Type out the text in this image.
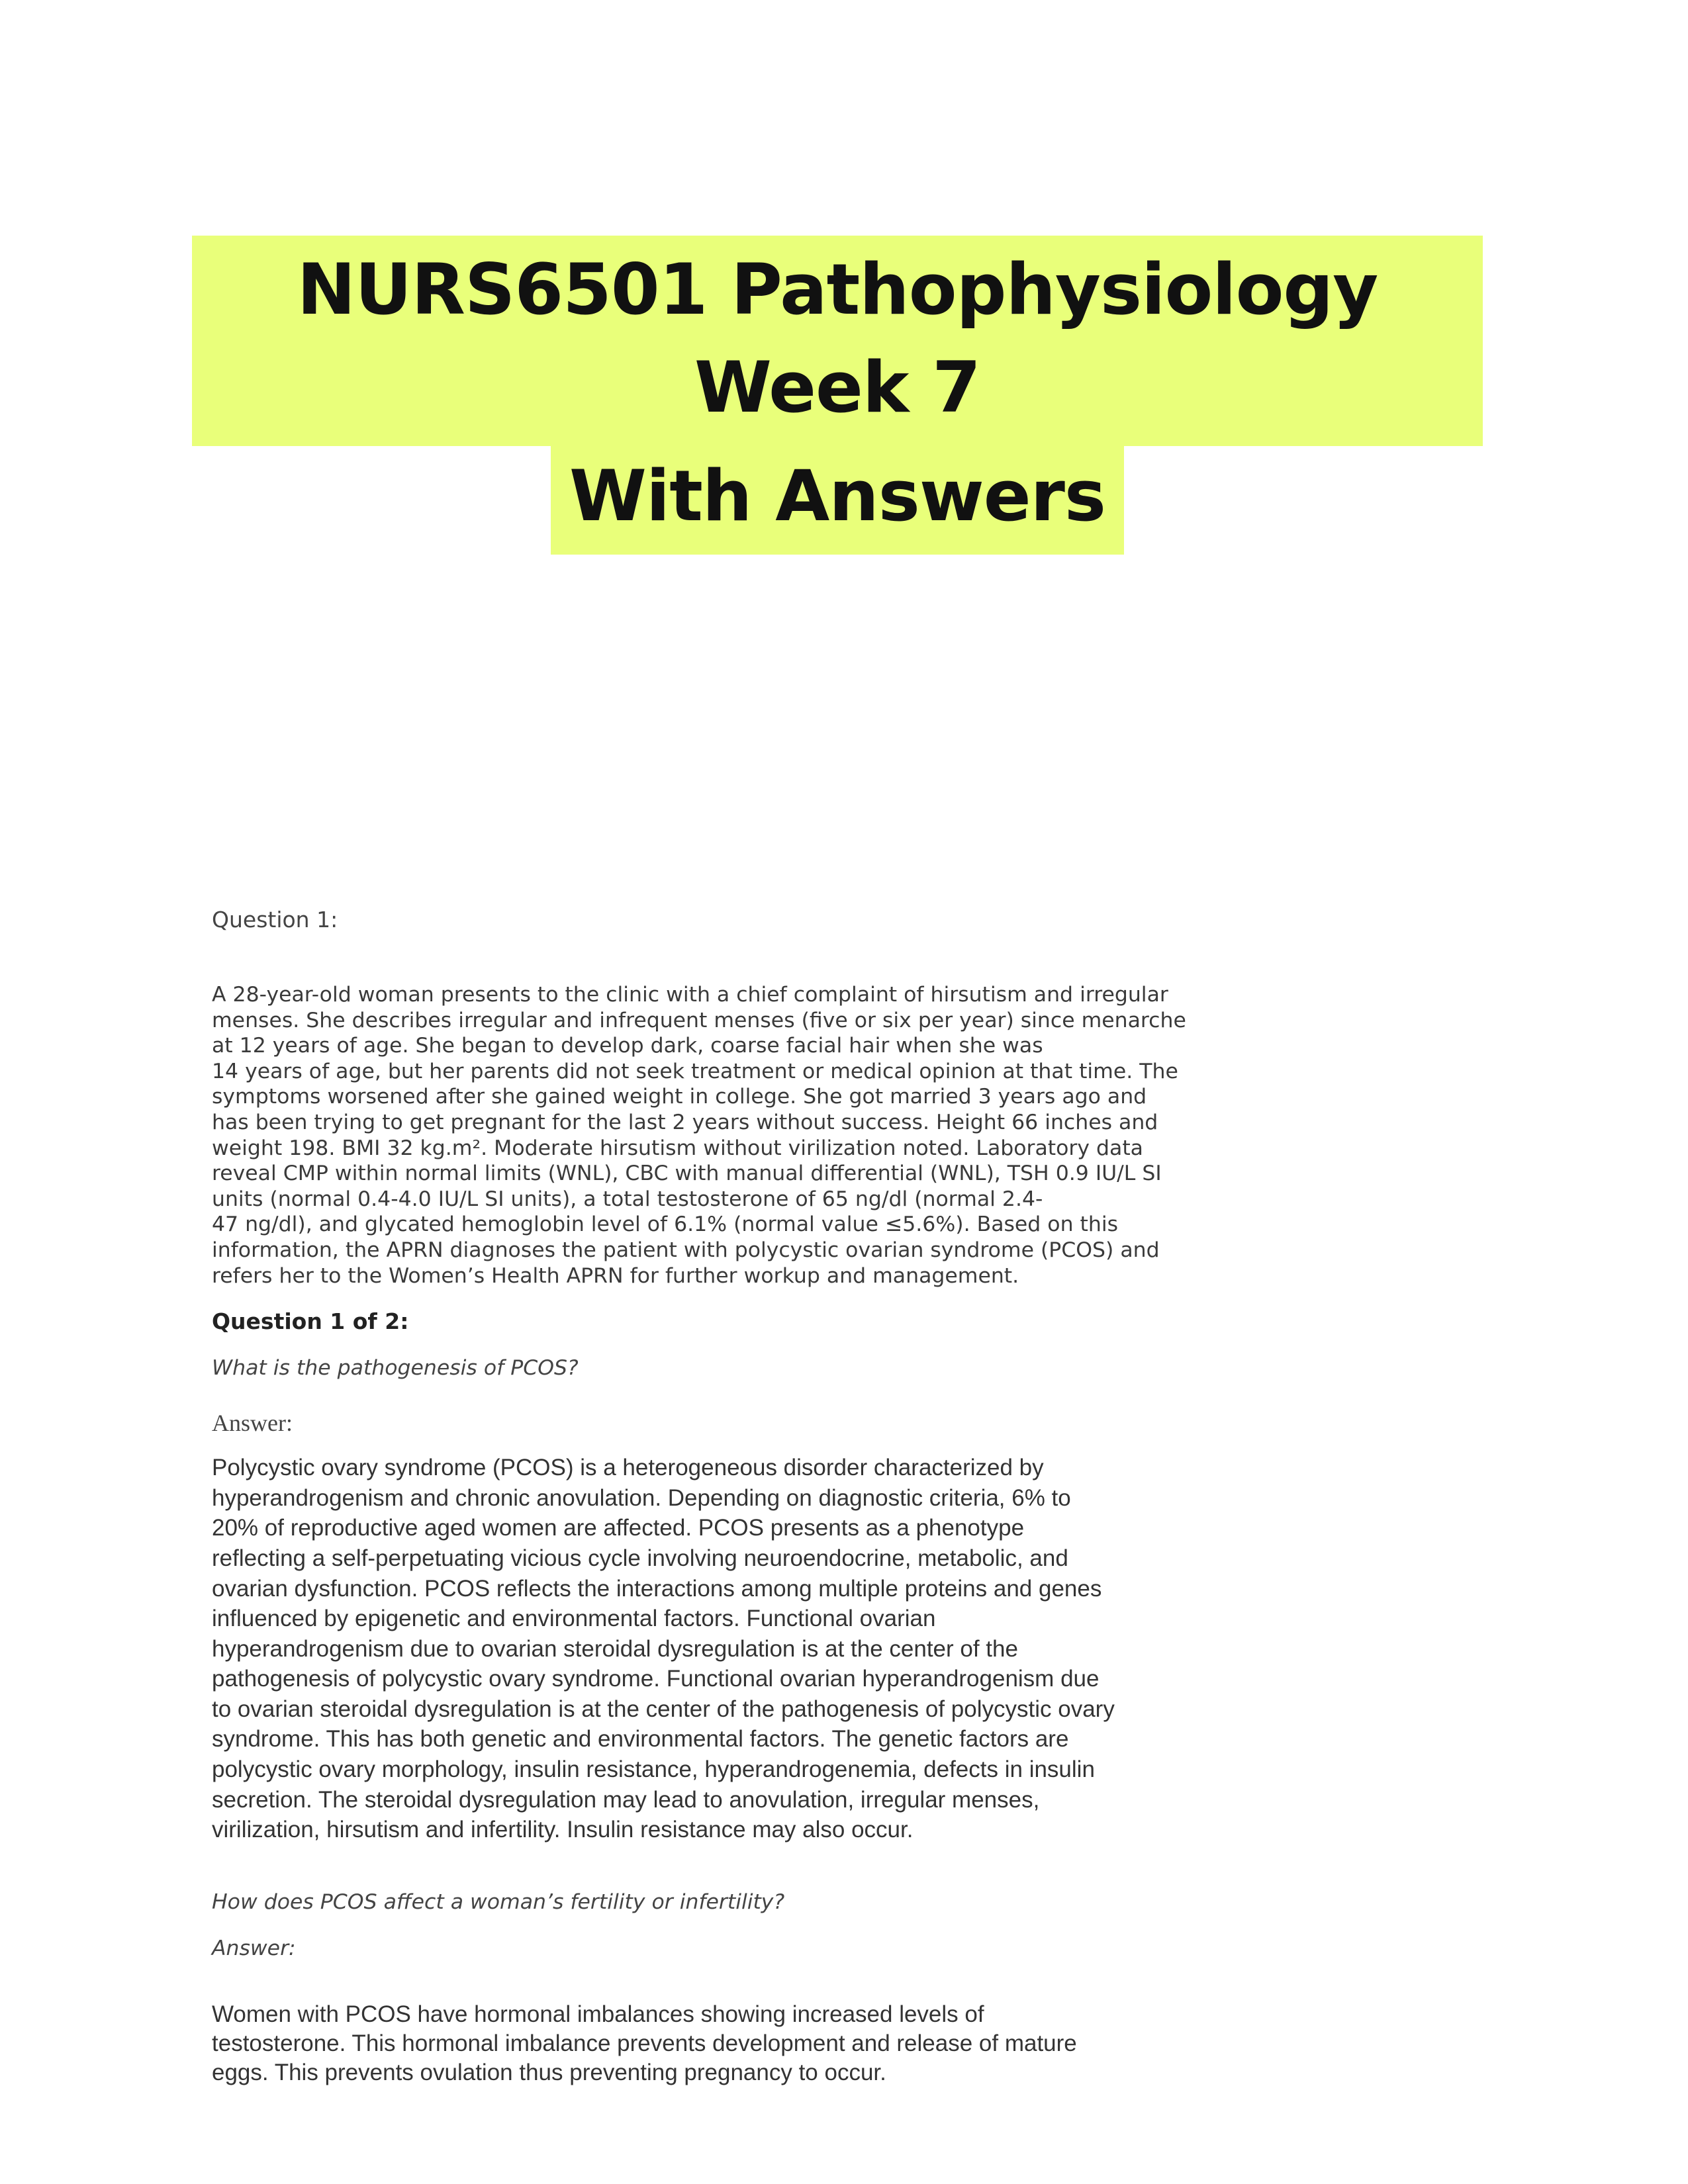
NURS6501 Pathophysiology Week 7
With Answers

Question 1:

A 28-year-old woman presents to the clinic with a chief complaint of hirsutism and irregular
menses. She describes irregular and infrequent menses (five or six per year) since menarche
at 12 years of age. She began to develop dark, coarse facial hair when she was
14 years of age, but her parents did not seek treatment or medical opinion at that time. The
symptoms worsened after she gained weight in college. She got married 3 years ago and
has been trying to get pregnant for the last 2 years without success. Height 66 inches and
weight 198. BMI 32 kg.m². Moderate hirsutism without virilization noted. Laboratory data
reveal CMP within normal limits (WNL), CBC with manual differential (WNL), TSH 0.9 IU/L SI
units (normal 0.4-4.0 IU/L SI units), a total testosterone of 65 ng/dl (normal 2.4-
47 ng/dl), and glycated hemoglobin level of 6.1% (normal value ≤5.6%). Based on this
information, the APRN diagnoses the patient with polycystic ovarian syndrome (PCOS) and
refers her to the Women’s Health APRN for further workup and management.
Question 1 of 2:
What is the pathogenesis of PCOS?
Answer:
Polycystic ovary syndrome (PCOS) is a heterogeneous disorder characterized by
hyperandrogenism and chronic anovulation. Depending on diagnostic criteria, 6% to
20% of reproductive aged women are affected. PCOS presents as a phenotype
reflecting a self-perpetuating vicious cycle involving neuroendocrine, metabolic, and
ovarian dysfunction. PCOS reflects the interactions among multiple proteins and genes
influenced by epigenetic and environmental factors. Functional ovarian
hyperandrogenism due to ovarian steroidal dysregulation is at the center of the
pathogenesis of polycystic ovary syndrome. Functional ovarian hyperandrogenism due
to ovarian steroidal dysregulation is at the center of the pathogenesis of polycystic ovary
syndrome. This has both genetic and environmental factors. The genetic factors are
polycystic ovary morphology, insulin resistance, hyperandrogenemia, defects in insulin
secretion. The steroidal dysregulation may lead to anovulation, irregular menses,
virilization, hirsutism and infertility. Insulin resistance may also occur.
How does PCOS affect a woman’s fertility or infertility?
Answer:
Women with PCOS have hormonal imbalances showing increased levels of
testosterone. This hormonal imbalance prevents development and release of mature
eggs. This prevents ovulation thus preventing pregnancy to occur.
